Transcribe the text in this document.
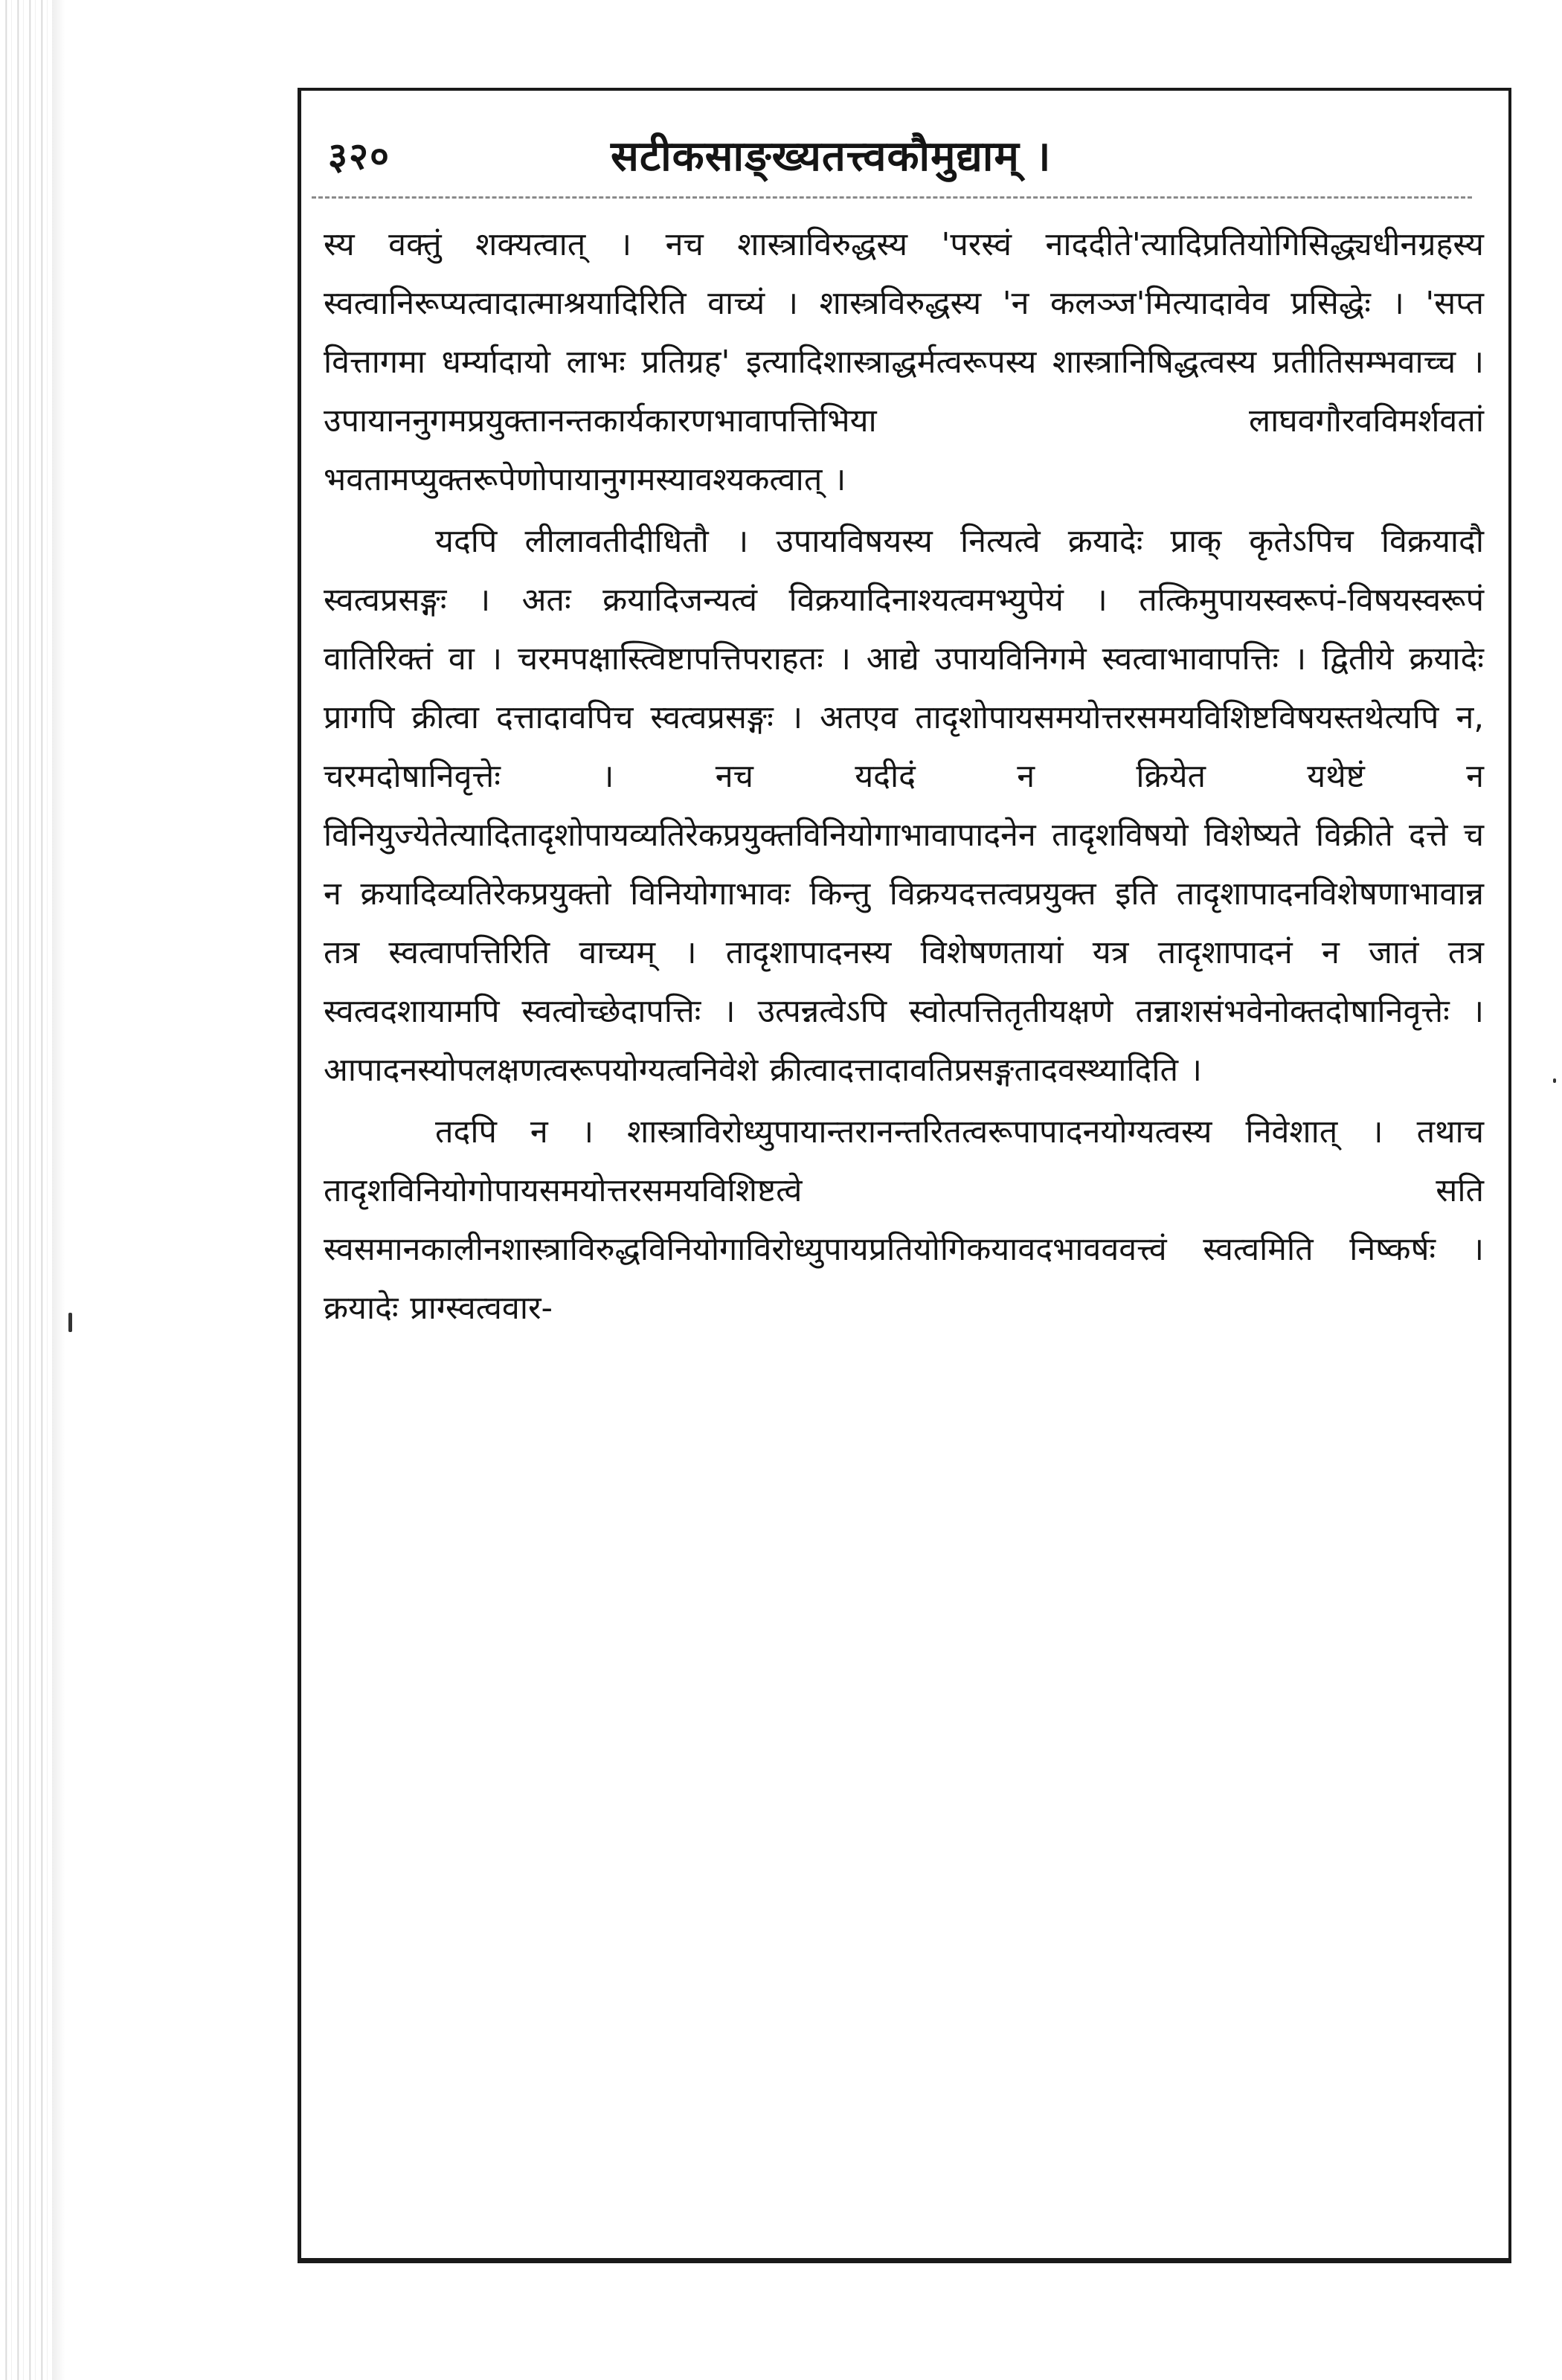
३२०	सटीकसाङ्ख्यतत्त्वकौमुद्याम् ।

स्य वक्तुं शक्यत्वात् । नच शास्त्राविरुद्धस्य 'परस्वं नाददीते'त्यादिप्रतियोगिसिद्ध्यधीनग्रहस्य स्वत्वानिरूप्यत्वादात्माश्रयादिरिति वाच्यं । शास्त्रविरुद्धस्य 'न कलञ्ज'मित्यादावेव प्रसिद्धेः । 'सप्त वित्तागमा धर्म्यादायो लाभः प्रतिग्रह' इत्यादिशास्त्राद्धर्मत्वरूपस्य शास्त्रानिषिद्धत्वस्य प्रतीतिसम्भवाच्च । उपायाननुगमप्रयुक्तानन्तकार्यकारणभावापत्तिभिया लाघवगौरवविमर्शवतां भवतामप्युक्तरूपेणोपायानुगमस्यावश्यकत्वात् ।

यदपि लीलावतीदीधितौ । उपायविषयस्य नित्यत्वे क्रयादेः प्राक् कृतेऽपिच विक्रयादौ स्वत्वप्रसङ्गः । अतः क्रयादिजन्यत्वं विक्रयादिनाश्यत्वमभ्युपेयं । तत्किमुपायस्वरूपं-विषयस्वरूपं वातिरिक्तं वा । चरमपक्षास्त्विष्टापत्तिपराहतः । आद्ये उपायविनिगमे स्वत्वाभावापत्तिः । द्वितीये क्रयादेः प्रागपि क्रीत्वा दत्तादावपिच स्वत्वप्रसङ्गः । अतएव तादृशोपायसमयोत्तरसमयविशिष्टविषयस्तथेत्यपि न, चरमदोषानिवृत्तेः । नच यदीदं न क्रियेत यथेष्टं न विनियुज्येतेत्यादितादृशोपायव्यतिरेकप्रयुक्तविनियोगाभावापादनेन तादृशविषयो विशेष्यते विक्रीते दत्ते च न क्रयादिव्यतिरेकप्रयुक्तो विनियोगाभावः किन्तु विक्रयदत्तत्वप्रयुक्त इति तादृशापादनविशेषणाभावान्न तत्र स्वत्वापत्तिरिति वाच्यम् । तादृशापादनस्य विशेषणतायां यत्र तादृशापादनं न जातं तत्र स्वत्वदशायामपि स्वत्वोच्छेदापत्तिः । उत्पन्नत्वेऽपि स्वोत्पत्तितृतीयक्षणे तन्नाशसंभवेनोक्तदोषानिवृत्तेः । आपादनस्योपलक्षणत्वरूपयोग्यत्वनिवेशे क्रीत्वादत्तादावतिप्रसङ्गतादवस्थ्यादिति ।

तदपि न । शास्त्राविरोध्युपायान्तरानन्तरितत्वरूपापादनयोग्यत्वस्य निवेशात् । तथाच तादृशविनियोगोपायसमयोत्तरसमयविशिष्टत्वे सति स्वसमानकालीनशास्त्राविरुद्धविनियोगाविरोध्युपायप्रतियोगिकयावदभावववत्त्वं स्वत्वमिति निष्कर्षः । क्रयादेः प्राग्स्वत्ववार-
